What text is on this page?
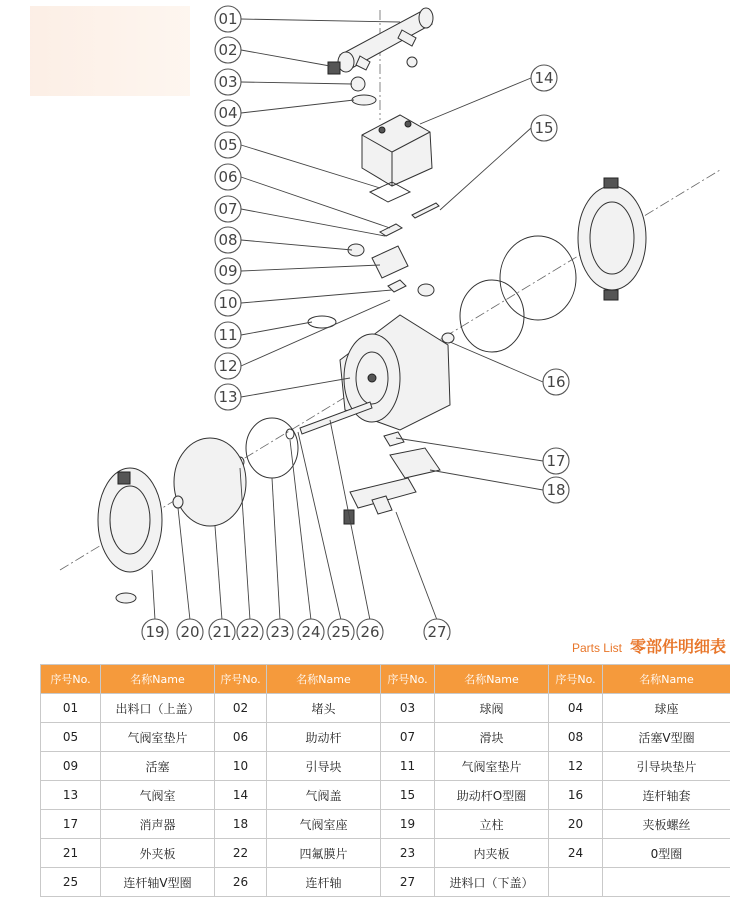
01
02
03
04
05
06
07
08
09
10
11
12
13
14
15
16
17
18
19 20 21 22 23 24 25 26	27
Parts List 零部件明细表
序号No.	名称Name	序号No.	名称Name	序号No.	名称Name	序号No.	名称Name
01	出料口（上盖）	02	堵头	03	球阀	04	球座
05	气阀室垫片	06	助动杆	07	滑块	08	活塞V型圈
09	活塞	10	引导块	11	气阀室垫片	12	引导块垫片
13	气阀室	14	气阀盖	15	助动杆O型圈	16	连杆轴套
17	消声器	18	气阀室座	19	立柱	20	夹板螺丝
21	外夹板	22	四氟膜片	23	内夹板	24	0型圈
25	连杆轴V型圈	26	连杆轴	27	进料口（下盖）		
